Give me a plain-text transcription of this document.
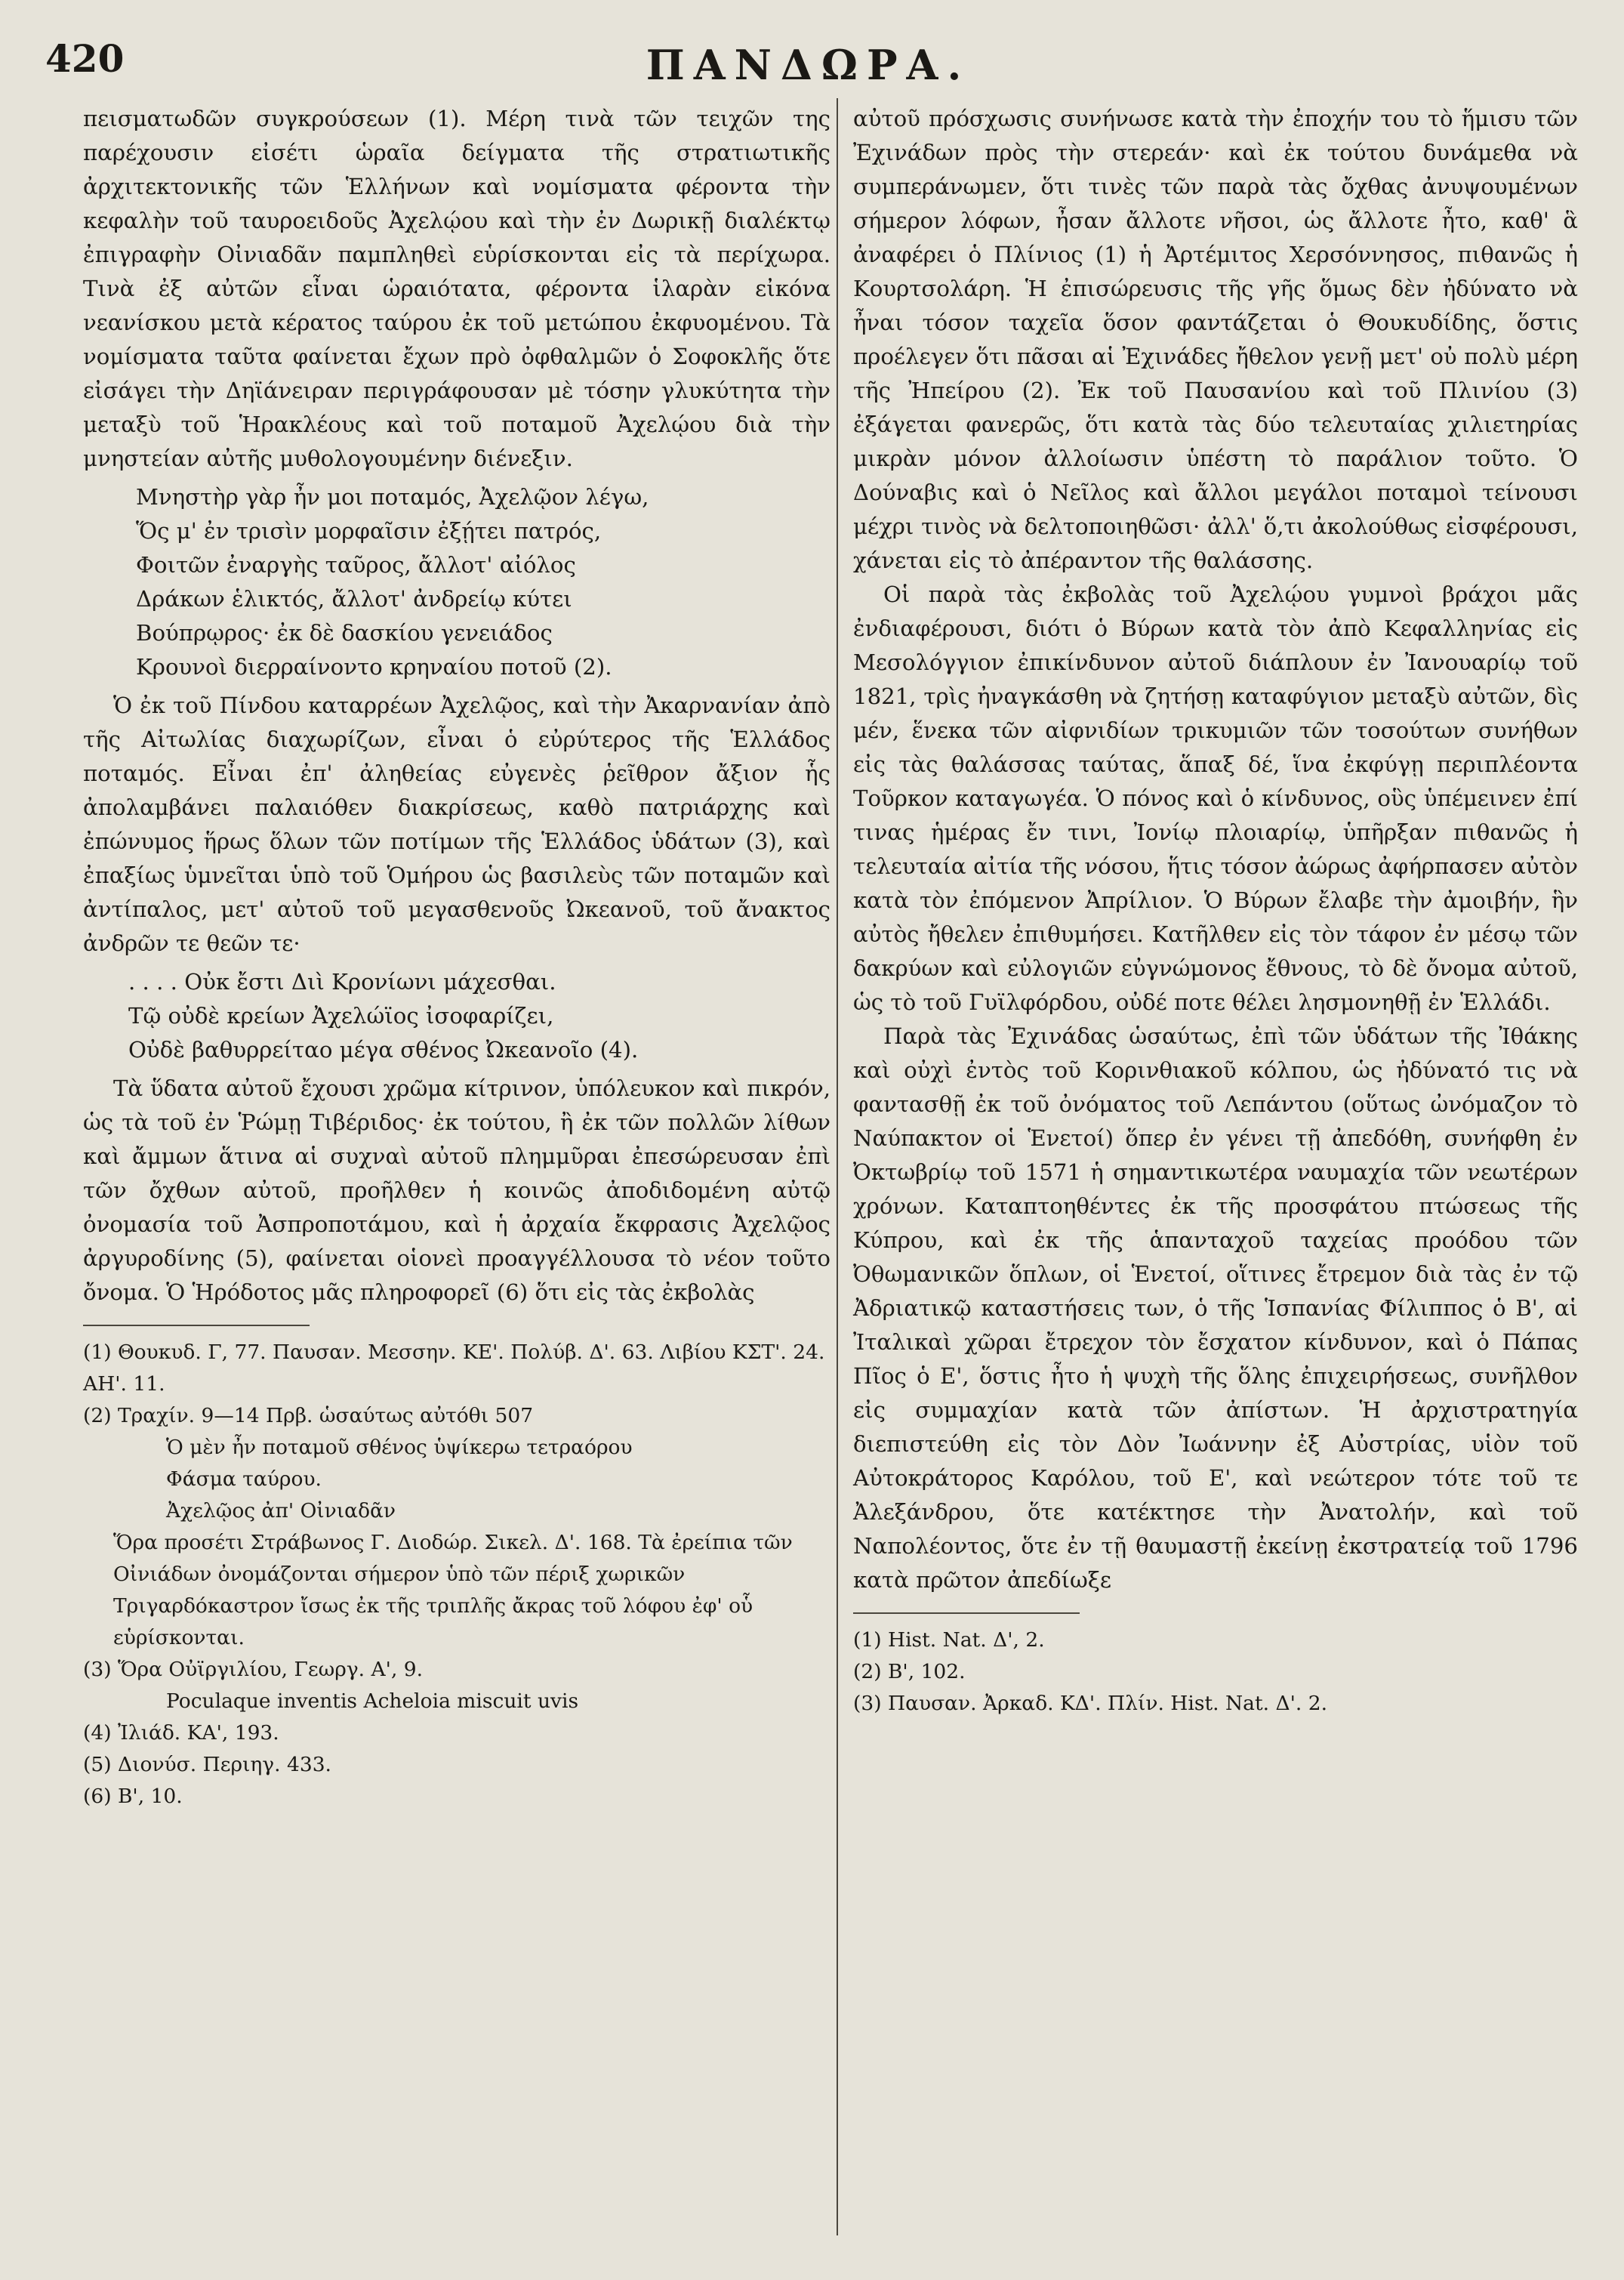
420	ΠΑΝΔΩΡΑ.

πεισματωδῶν συγκρούσεων (1). Μέρη τινὰ τῶν τειχῶν της παρέχουσιν εἰσέτι ὡραῖα δείγματα τῆς στρατιωτικῆς ἀρχιτεκτονικῆς τῶν Ἑλλήνων καὶ νομίσματα φέροντα τὴν κεφαλὴν τοῦ ταυροειδοῦς Ἀχελῴου καὶ τὴν ἐν Δωρικῇ διαλέκτῳ ἐπιγραφὴν Οἰνιαδᾶν παμπληθεὶ εὑρίσκονται εἰς τὰ περίχωρα. Τινὰ ἐξ αὐτῶν εἶναι ὡραιότατα, φέροντα ἱλαρὰν εἰκόνα νεανίσκου μετὰ κέρατος ταύρου ἐκ τοῦ μετώπου ἐκφυομένου. Τὰ νομίσματα ταῦτα φαίνεται ἔχων πρὸ ὀφθαλμῶν ὁ Σοφοκλῆς ὅτε εἰσάγει τὴν Δηϊάνειραν περιγράφουσαν μὲ τόσην γλυκύτητα τὴν μεταξὺ τοῦ Ἡρακλέους καὶ τοῦ ποταμοῦ Ἀχελῴου διὰ τὴν μνηστείαν αὐτῆς μυθολογουμένην διένεξιν.

Μνηστὴρ γὰρ ἦν μοι ποταμός, Ἀχελῷον λέγω,
Ὅς μ' ἐν τρισὶν μορφαῖσιν ἐξῄτει πατρός,
Φοιτῶν ἐναργὴς ταῦρος, ἄλλοτ' αἰόλος
Δράκων ἑλικτός, ἄλλοτ' ἀνδρείῳ κύτει
Βούπρῳρος· ἐκ δὲ δασκίου γενειάδος
Κρουνοὶ διερραίνοντο κρηναίου ποτοῦ (2).

Ὁ ἐκ τοῦ Πίνδου καταρρέων Ἀχελῷος, καὶ τὴν Ἀκαρνανίαν ἀπὸ τῆς Αἰτωλίας διαχωρίζων, εἶναι ὁ εὐρύτερος τῆς Ἑλλάδος ποταμός. Εἶναι ἐπ' ἀληθείας εὐγενὲς ῥεῖθρον ἄξιον ἧς ἀπολαμβάνει παλαιόθεν διακρίσεως, καθὸ πατριάρχης καὶ ἐπώνυμος ἥρως ὅλων τῶν ποτίμων τῆς Ἑλλάδος ὑδάτων (3), καὶ ἐπαξίως ὑμνεῖται ὑπὸ τοῦ Ὁμήρου ὡς βασιλεὺς τῶν ποταμῶν καὶ ἀντίπαλος, μετ' αὐτοῦ τοῦ μεγασθενοῦς Ὠκεανοῦ, τοῦ ἄνακτος ἀνδρῶν τε θεῶν τε·

. . . . Οὐκ ἔστι Διὶ Κρονίωνι μάχεσθαι.
Τῷ οὐδὲ κρείων Ἀχελώϊος ἰσοφαρίζει,
Οὐδὲ βαθυρρείταο μέγα σθένος Ὠκεανοῖο (4).

Τὰ ὕδατα αὐτοῦ ἔχουσι χρῶμα κίτρινον, ὑπόλευκον καὶ πικρόν, ὡς τὰ τοῦ ἐν Ῥώμῃ Τιβέριδος· ἐκ τούτου, ἢ ἐκ τῶν πολλῶν λίθων καὶ ἄμμων ἅτινα αἱ συχναὶ αὐτοῦ πλημμῦραι ἐπεσώρευσαν ἐπὶ τῶν ὄχθων αὐτοῦ, προῆλθεν ἡ κοινῶς ἀποδιδομένη αὐτῷ ὀνομασία τοῦ Ἀσπροποτάμου, καὶ ἡ ἀρχαία ἔκφρασις Ἀχελῷος ἀργυροδίνης (5), φαίνεται οἱονεὶ προαγγέλλουσα τὸ νέον τοῦτο ὄνομα. Ὁ Ἡρόδοτος μᾶς πληροφορεῖ (6) ὅτι εἰς τὰς ἐκβολὰς

(1) Θουκυδ. Γ, 77. Παυσαν. Μεσσην. ΚΕ'. Πολύβ. Δ'. 63. Λιβίου ΚΣΤ'. 24. ΑΗ'. 11.
(2) Τραχίν. 9—14 Πρβ. ὡσαύτως αὐτόθι 507
Ὁ μὲν ἦν ποταμοῦ σθένος ὑψίκερω τετραόρου
Φάσμα ταύρου.
Ἀχελῷος ἀπ' Οἰνιαδᾶν
Ὅρα προσέτι Στράβωνος Γ. Διοδώρ. Σικελ. Δ'. 168. Τὰ ἐρείπια τῶν Οἰνιάδων ὀνομάζονται σήμερον ὑπὸ τῶν πέριξ χωρικῶν Τριγαρδόκαστρον ἴσως ἐκ τῆς τριπλῆς ἄκρας τοῦ λόφου ἐφ' οὗ εὑρίσκονται.
(3) Ὅρα Οὐϊργιλίου, Γεωργ. Α', 9.
Poculaque inventis Acheloia miscuit uvis
(4) Ἰλιάδ. ΚΑ', 193.
(5) Διονύσ. Περιηγ. 433.
(6) Β', 10.

αὐτοῦ πρόσχωσις συνήνωσε κατὰ τὴν ἐποχήν του τὸ ἥμισυ τῶν Ἐχινάδων πρὸς τὴν στερεάν· καὶ ἐκ τούτου δυνάμεθα νὰ συμπεράνωμεν, ὅτι τινὲς τῶν παρὰ τὰς ὄχθας ἀνυψουμένων σήμερον λόφων, ἦσαν ἄλλοτε νῆσοι, ὡς ἄλλοτε ἦτο, καθ' ἃ ἀναφέρει ὁ Πλίνιος (1) ἡ Ἀρτέμιτος Χερσόννησος, πιθανῶς ἡ Κουρτσολάρη. Ἡ ἐπισώρευσις τῆς γῆς ὅμως δὲν ἠδύνατο νὰ ἦναι τόσον ταχεῖα ὅσον φαντάζεται ὁ Θουκυδίδης, ὅστις προέλεγεν ὅτι πᾶσαι αἱ Ἐχινάδες ἤθελον γενῇ μετ' οὐ πολὺ μέρη τῆς Ἠπείρου (2). Ἐκ τοῦ Παυσανίου καὶ τοῦ Πλινίου (3) ἐξάγεται φανερῶς, ὅτι κατὰ τὰς δύο τελευταίας χιλιετηρίας μικρὰν μόνον ἀλλοίωσιν ὑπέστη τὸ παράλιον τοῦτο. Ὁ Δούναβις καὶ ὁ Νεῖλος καὶ ἄλλοι μεγάλοι ποταμοὶ τείνουσι μέχρι τινὸς νὰ δελτοποιηθῶσι· ἀλλ' ὅ,τι ἀκολούθως εἰσφέρουσι, χάνεται εἰς τὸ ἀπέραντον τῆς θαλάσσης.

Οἱ παρὰ τὰς ἐκβολὰς τοῦ Ἀχελῴου γυμνοὶ βράχοι μᾶς ἐνδιαφέρουσι, διότι ὁ Βύρων κατὰ τὸν ἀπὸ Κεφαλληνίας εἰς Μεσολόγγιον ἐπικίνδυνον αὐτοῦ διάπλουν ἐν Ἰανουαρίῳ τοῦ 1821, τρὶς ἠναγκάσθη νὰ ζητήσῃ καταφύγιον μεταξὺ αὐτῶν, δὶς μέν, ἕνεκα τῶν αἰφνιδίων τρικυμιῶν τῶν τοσούτων συνήθων εἰς τὰς θαλάσσας ταύτας, ἅπαξ δέ, ἵνα ἐκφύγῃ περιπλέοντα Τοῦρκον καταγωγέα. Ὁ πόνος καὶ ὁ κίνδυνος, οὓς ὑπέμεινεν ἐπί τινας ἡμέρας ἔν τινι, Ἰονίῳ πλοιαρίῳ, ὑπῆρξαν πιθανῶς ἡ τελευταία αἰτία τῆς νόσου, ἥτις τόσον ἀώρως ἀφήρπασεν αὐτὸν κατὰ τὸν ἐπόμενον Ἀπρίλιον. Ὁ Βύρων ἔλαβε τὴν ἀμοιβήν, ἣν αὐτὸς ἤθελεν ἐπιθυμήσει. Κατῆλθεν εἰς τὸν τάφον ἐν μέσῳ τῶν δακρύων καὶ εὐλογιῶν εὐγνώμονος ἔθνους, τὸ δὲ ὄνομα αὐτοῦ, ὡς τὸ τοῦ Γυϊλφόρδου, οὐδέ ποτε θέλει λησμονηθῇ ἐν Ἑλλάδι.

Παρὰ τὰς Ἐχινάδας ὡσαύτως, ἐπὶ τῶν ὑδάτων τῆς Ἰθάκης καὶ οὐχὶ ἐντὸς τοῦ Κορινθιακοῦ κόλπου, ὡς ἠδύνατό τις νὰ φαντασθῇ ἐκ τοῦ ὀνόματος τοῦ Λεπάντου (οὕτως ὠνόμαζον τὸ Ναύπακτον οἱ Ἑνετοί) ὅπερ ἐν γένει τῇ ἀπεδόθη, συνήφθη ἐν Ὀκτωβρίῳ τοῦ 1571 ἡ σημαντικωτέρα ναυμαχία τῶν νεωτέρων χρόνων. Καταπτοηθέντες ἐκ τῆς προσφάτου πτώσεως τῆς Κύπρου, καὶ ἐκ τῆς ἁπανταχοῦ ταχείας προόδου τῶν Ὀθωμανικῶν ὅπλων, οἱ Ἑνετοί, οἵτινες ἔτρεμον διὰ τὰς ἐν τῷ Ἀδριατικῷ καταστήσεις των, ὁ τῆς Ἱσπανίας Φίλιππος ὁ Β', αἱ Ἰταλικαὶ χῶραι ἔτρεχον τὸν ἔσχατον κίνδυνον, καὶ ὁ Πάπας Πῖος ὁ Ε', ὅστις ἦτο ἡ ψυχὴ τῆς ὅλης ἐπιχειρήσεως, συνῆλθον εἰς συμμαχίαν κατὰ τῶν ἀπίστων. Ἡ ἀρχιστρατηγία διεπιστεύθη εἰς τὸν Δὸν Ἰωάννην ἐξ Αὐστρίας, υἱὸν τοῦ Αὐτοκράτορος Καρόλου, τοῦ Ε', καὶ νεώτερον τότε τοῦ τε Ἀλεξάνδρου, ὅτε κατέκτησε τὴν Ἀνατολήν, καὶ τοῦ Ναπολέοντος, ὅτε ἐν τῇ θαυμαστῇ ἐκείνῃ ἐκστρατείᾳ τοῦ 1796 κατὰ πρῶτον ἀπεδίωξε

(1) Hist. Nat. Δ', 2.
(2) Β', 102.
(3) Παυσαν. Ἀρκαδ. ΚΔ'. Πλίν. Hist. Nat. Δ'. 2.
